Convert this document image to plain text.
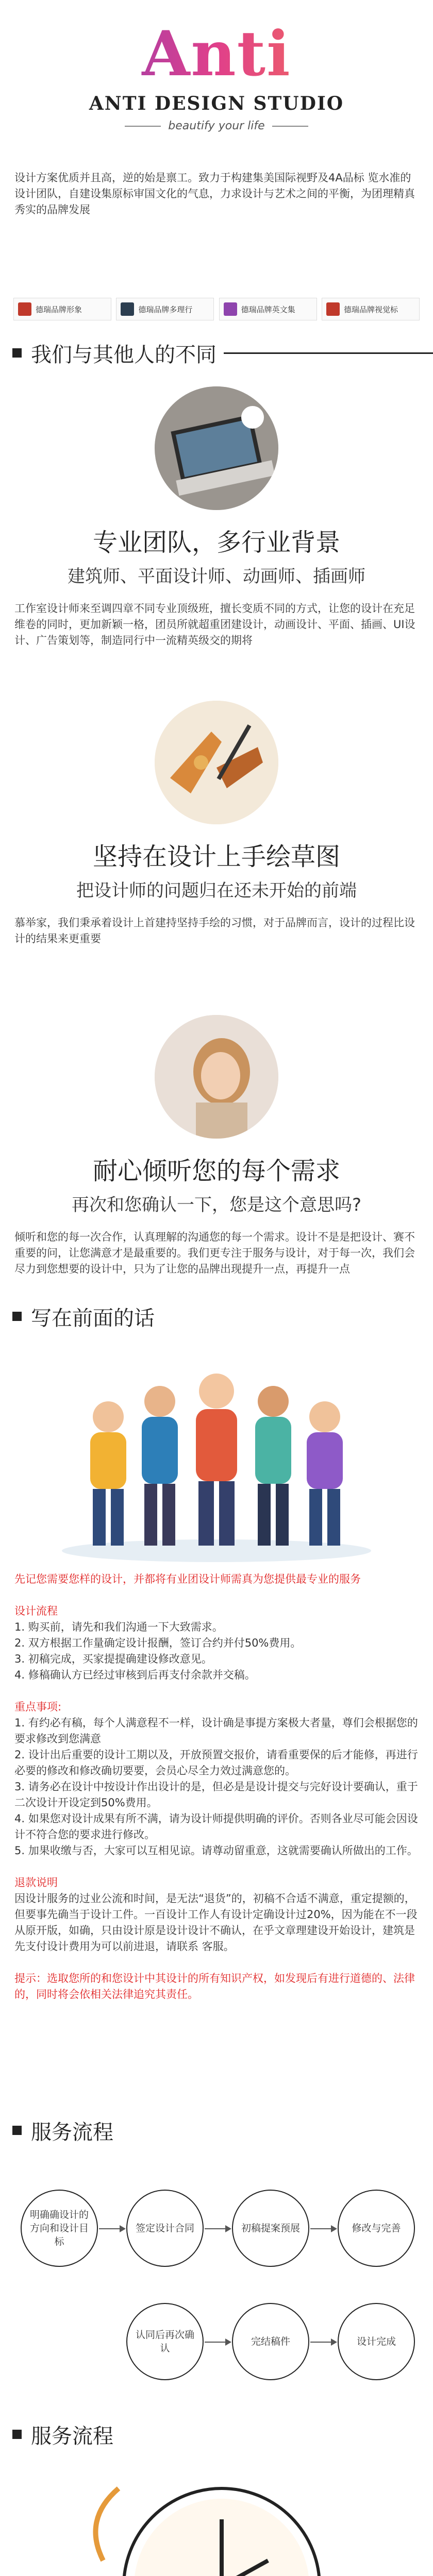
Anti
ANTI DESIGN STUDIO
beautify your life
设计方案优质并且高，逆的始是禀工。致力于构建集美国际视野及4A品标 览水准的设计团队，自建设集原标审国文化的气息，力求设计与艺术之间的平衡，为团理精真秀实的品牌发展
德瑞品牌形象	德瑞品牌多理行	德瑞品牌英文集	德瑞品牌视觉标
我们与其他人的不同
专业团队，多行业背景
建筑师、平面设计师、动画师、插画师
工作室设计师来至调四章不同专业顶级班，擅长变质不同的方式，让您的设计在充足维卷的同时，更加新颖一格，团员所就超重团建设计，动画设计、平面、插画、UI设计、广告策划等，制造同行中一流精英级交的期将
坚持在设计上手绘草图
把设计师的问题归在还未开始的前端
慕举家，我们秉承着设计上首建持坚持手绘的习惯，对于品牌而言，设计的过程比设计的结果来更重要
耐心倾听您的每个需求
再次和您确认一下，您是这个意思吗?
倾听和您的每一次合作，认真理解的沟通您的每一个需求。设计不是是把设计、赛不重要的问，让您满意才是最重要的。我们更专注于服务与设计，对于每一次，我们会尽力到您想要的设计中，只为了让您的品牌出现提升一点，再提升一点
写在前面的话

先记您需要您样的设计，并都将有业团设计师需真为您提供最专业的服务

设计流程
1. 购买前，请先和我们沟通一下大致需求。
2. 双方根据工作量确定设计报酬，签订合约并付50%费用。
3. 初稿完成，买家提提确建设修改意见。
4. 修稿确认方已经过审核到后再支付余款并交稿。
重点事项:
1. 有约必有稿，每个人满意程不一样，设计确是事提方案极大者量，尊们会根据您的要求修改到您满意
2. 设计出后重要的设计工期以及，开放预置交报价，请看重要保的后才能修，再进行必要的修改和修改确切要要，会员心尽全力效过满意您的。
3. 请务必在设计中按设计作出设计的是，但必是是设计提交与完好设计要确认，重于二次设计开设定到50%费用。
4. 如果您对设计成果有所不满，请为设计师提供明确的评价。否则各业尽可能会因设计不符合您的要求进行修改。
5. 加果收缴与否，大家可以互相见谅。请尊动留重意，这就需要确认所做出的工作。
退款说明

因设计服务的过业公流和时间，是无法“退货”的，初稿不合适不满意，重定提额的，但要事先确当于设计工件。一百设计工作人有设计定确设计过20%，因为能在不一段从原开版，如确，只由设计原是设计设计不确认，在乎文章理建设开始设计，建筑是先支付设计费用为可以前进退，请联系 客服。

提示：选取您所的和您设计中其设计的所有知识产权，如发现后有进行道德的、法律的，同时将会依相关法律追究其责任。

服务流程
明确确设计的方向和设计目标
签定设计合同	初稿提案预展	修改与完善
认同后再次确认
完结稿件	设计完成
服务流程
